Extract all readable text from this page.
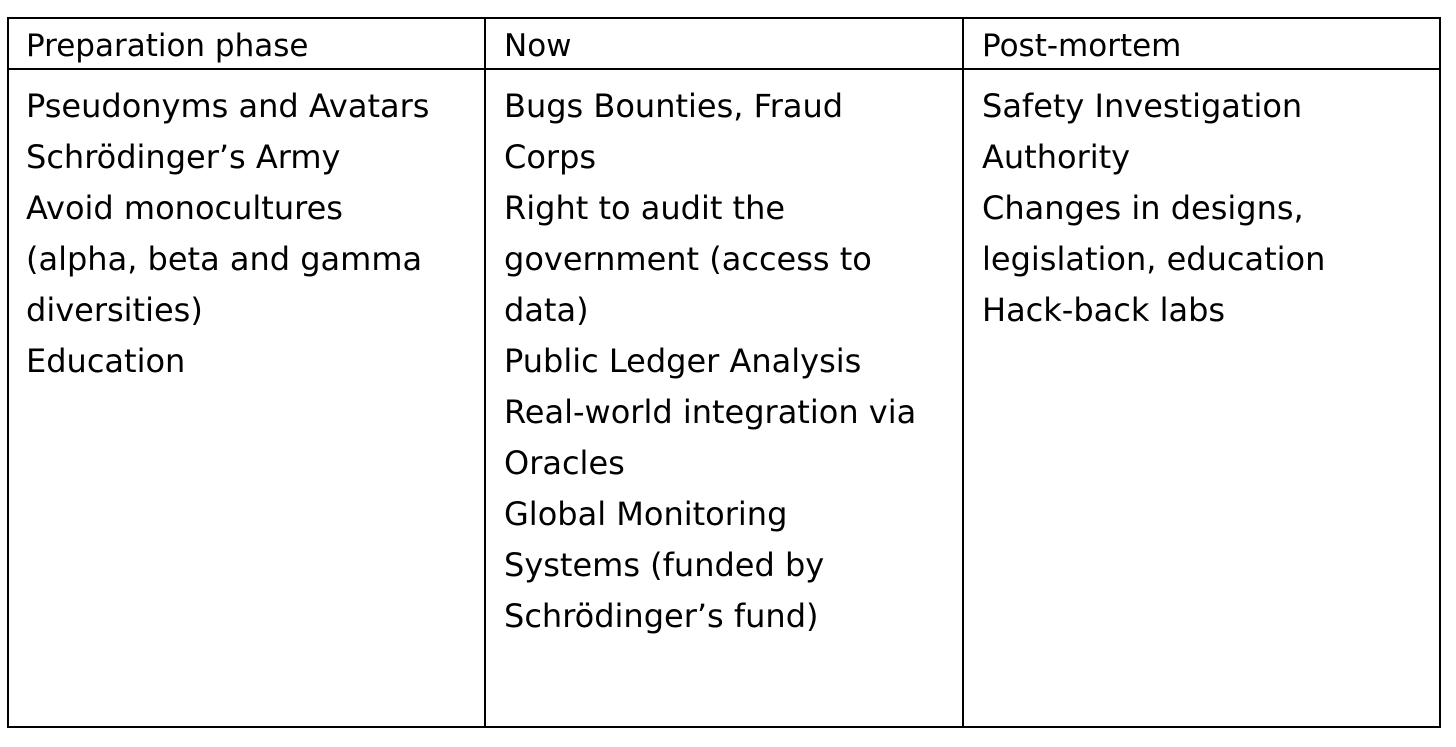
Preparation phase	Now	Post-mortem
Pseudonyms and Avatars
Schrödinger’s Army
Avoid monocultures
(alpha, beta and gamma
diversities)
Education
Bugs Bounties, Fraud
Corps
Right to audit the
government (access to
data)
Public Ledger Analysis
Real-world integration via
Oracles
Global Monitoring
Systems (funded by
Schrödinger’s fund)
Safety Investigation
Authority
Changes in designs,
legislation, education
Hack-back labs
